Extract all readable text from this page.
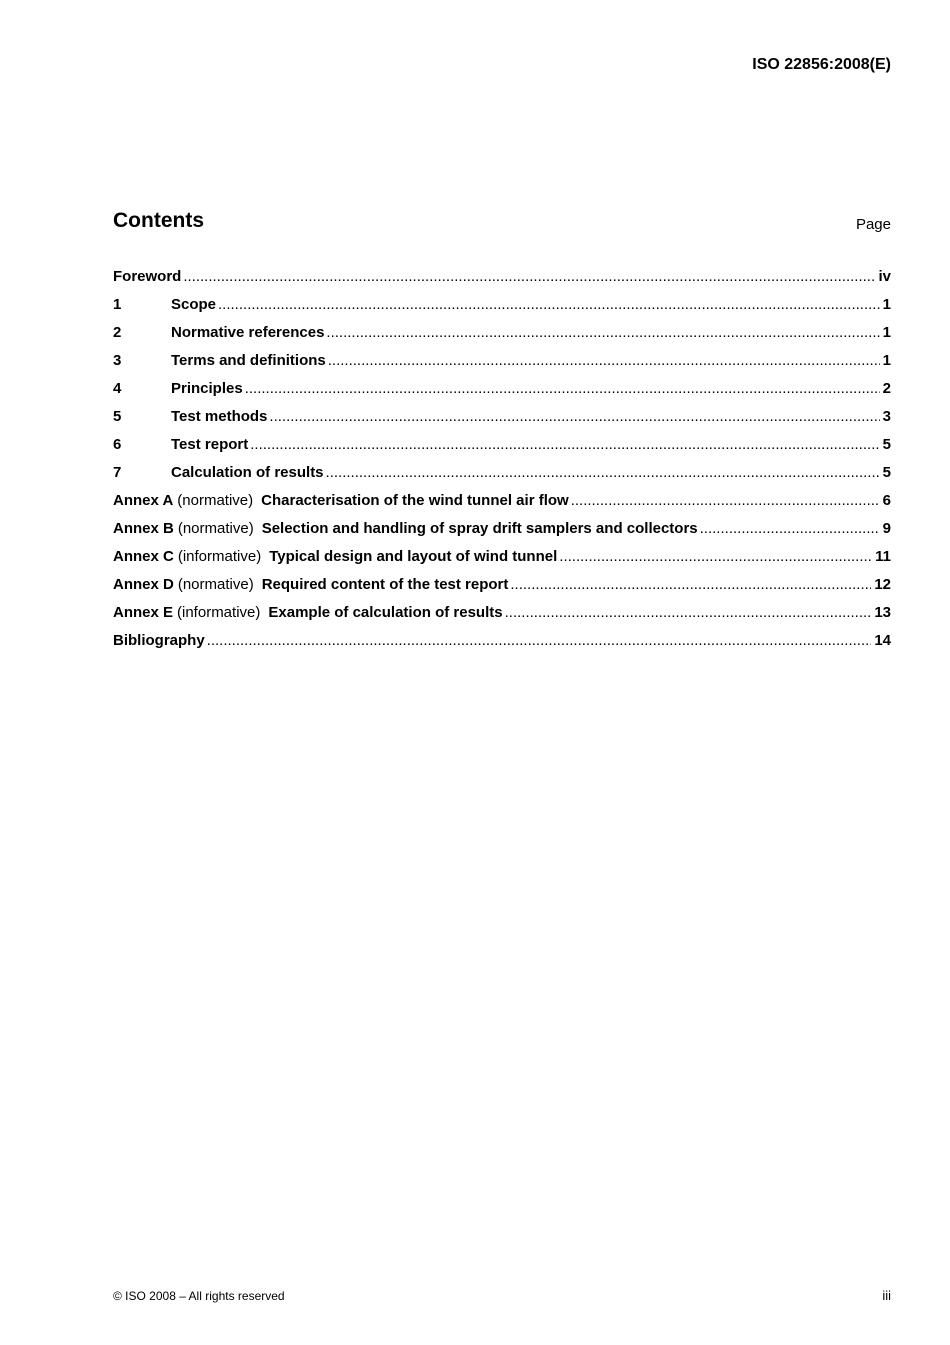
ISO 22856:2008(E)
Contents	Page
Foreword .....	iv
1	Scope .....	1
2	Normative references .....	1
3	Terms and definitions .....	1
4	Principles .....	2
5	Test methods .....	3
6	Test report .....	5
7	Calculation of results .....	5
Annex A (normative) Characterisation of the wind tunnel air flow .....	6
Annex B (normative) Selection and handling of spray drift samplers and collectors .....	9
Annex C (informative) Typical design and layout of wind tunnel .....	11
Annex D (normative) Required content of the test report .....	12
Annex E (informative) Example of calculation of results .....	13
Bibliography .....	14
© ISO 2008 – All rights reserved	iii
